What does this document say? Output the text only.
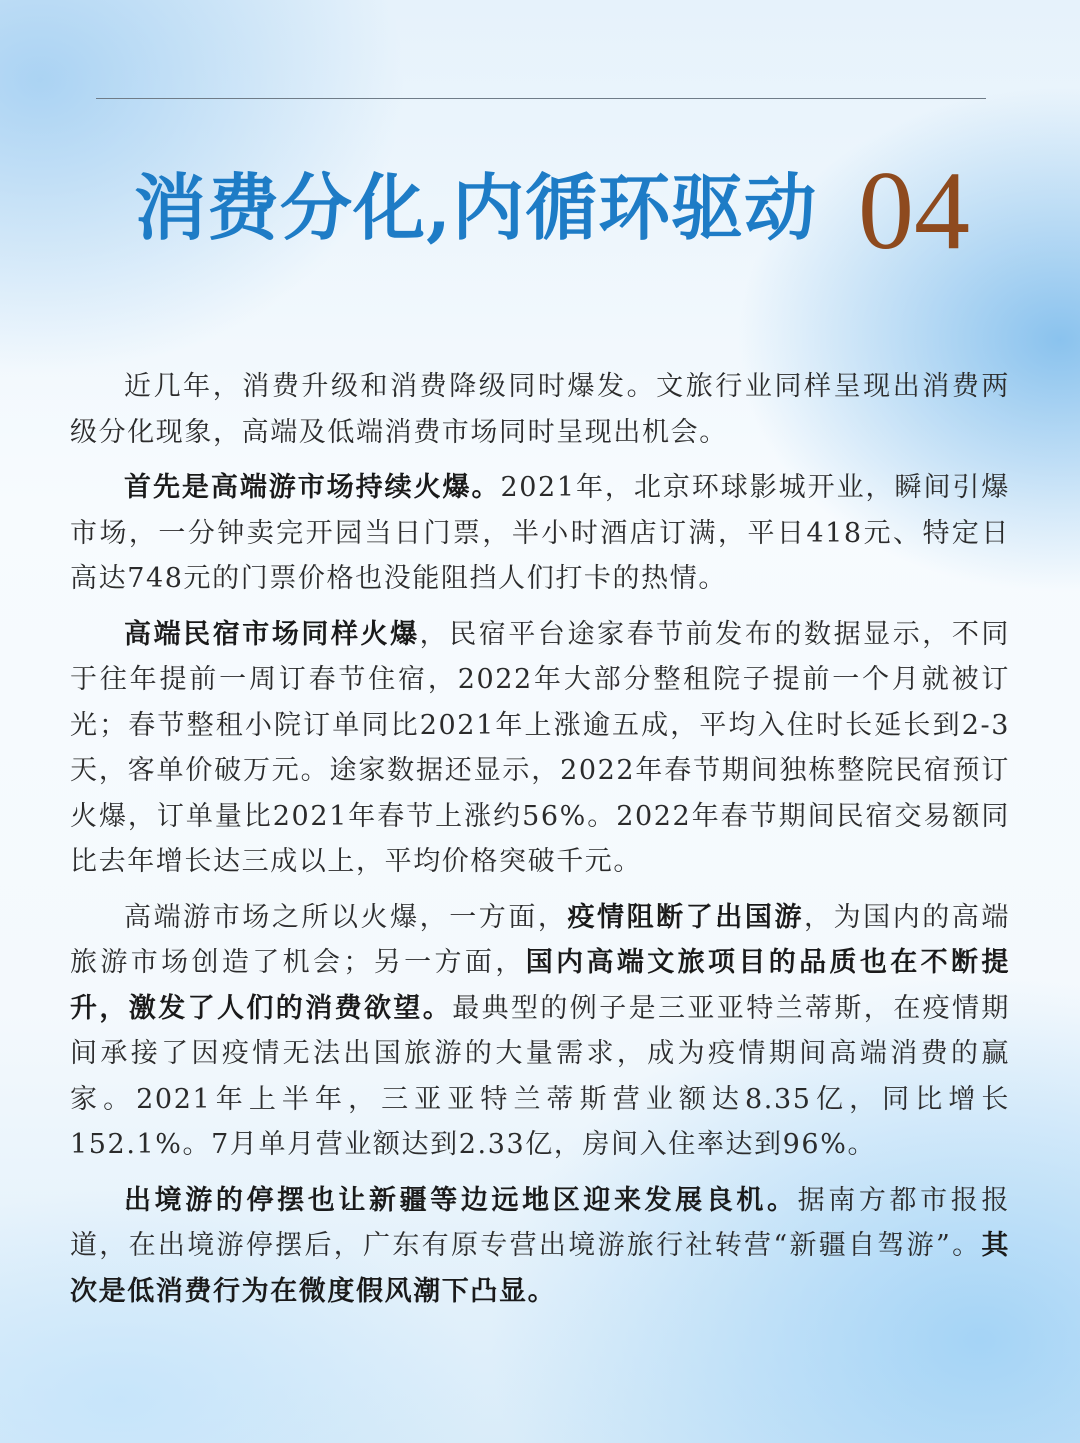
消费分化,内循环驱动 04

近几年，消费升级和消费降级同时爆发。文旅行业同样呈现出消费两级分化现象，高端及低端消费市场同时呈现出机会。

首先是高端游市场持续火爆。2021年，北京环球影城开业，瞬间引爆市场，一分钟卖完开园当日门票，半小时酒店订满，平日418元、特定日高达748元的门票价格也没能阻挡人们打卡的热情。

高端民宿市场同样火爆，民宿平台途家春节前发布的数据显示，不同于往年提前一周订春节住宿，2022年大部分整租院子提前一个月就被订光；春节整租小院订单同比2021年上涨逾五成，平均入住时长延长到2-3天，客单价破万元。途家数据还显示，2022年春节期间独栋整院民宿预订火爆，订单量比2021年春节上涨约56%。2022年春节期间民宿交易额同比去年增长达三成以上，平均价格突破千元。

高端游市场之所以火爆，一方面，疫情阻断了出国游，为国内的高端旅游市场创造了机会；另一方面，国内高端文旅项目的品质也在不断提升，激发了人们的消费欲望。最典型的例子是三亚亚特兰蒂斯，在疫情期间承接了因疫情无法出国旅游的大量需求，成为疫情期间高端消费的赢家。2021年上半年，三亚亚特兰蒂斯营业额达8.35亿，同比增长152.1%。7月单月营业额达到2.33亿，房间入住率达到96%。

出境游的停摆也让新疆等边远地区迎来发展良机。据南方都市报报道，在出境游停摆后，广东有原专营出境游旅行社转营“新疆自驾游”。其次是低消费行为在微度假风潮下凸显。
